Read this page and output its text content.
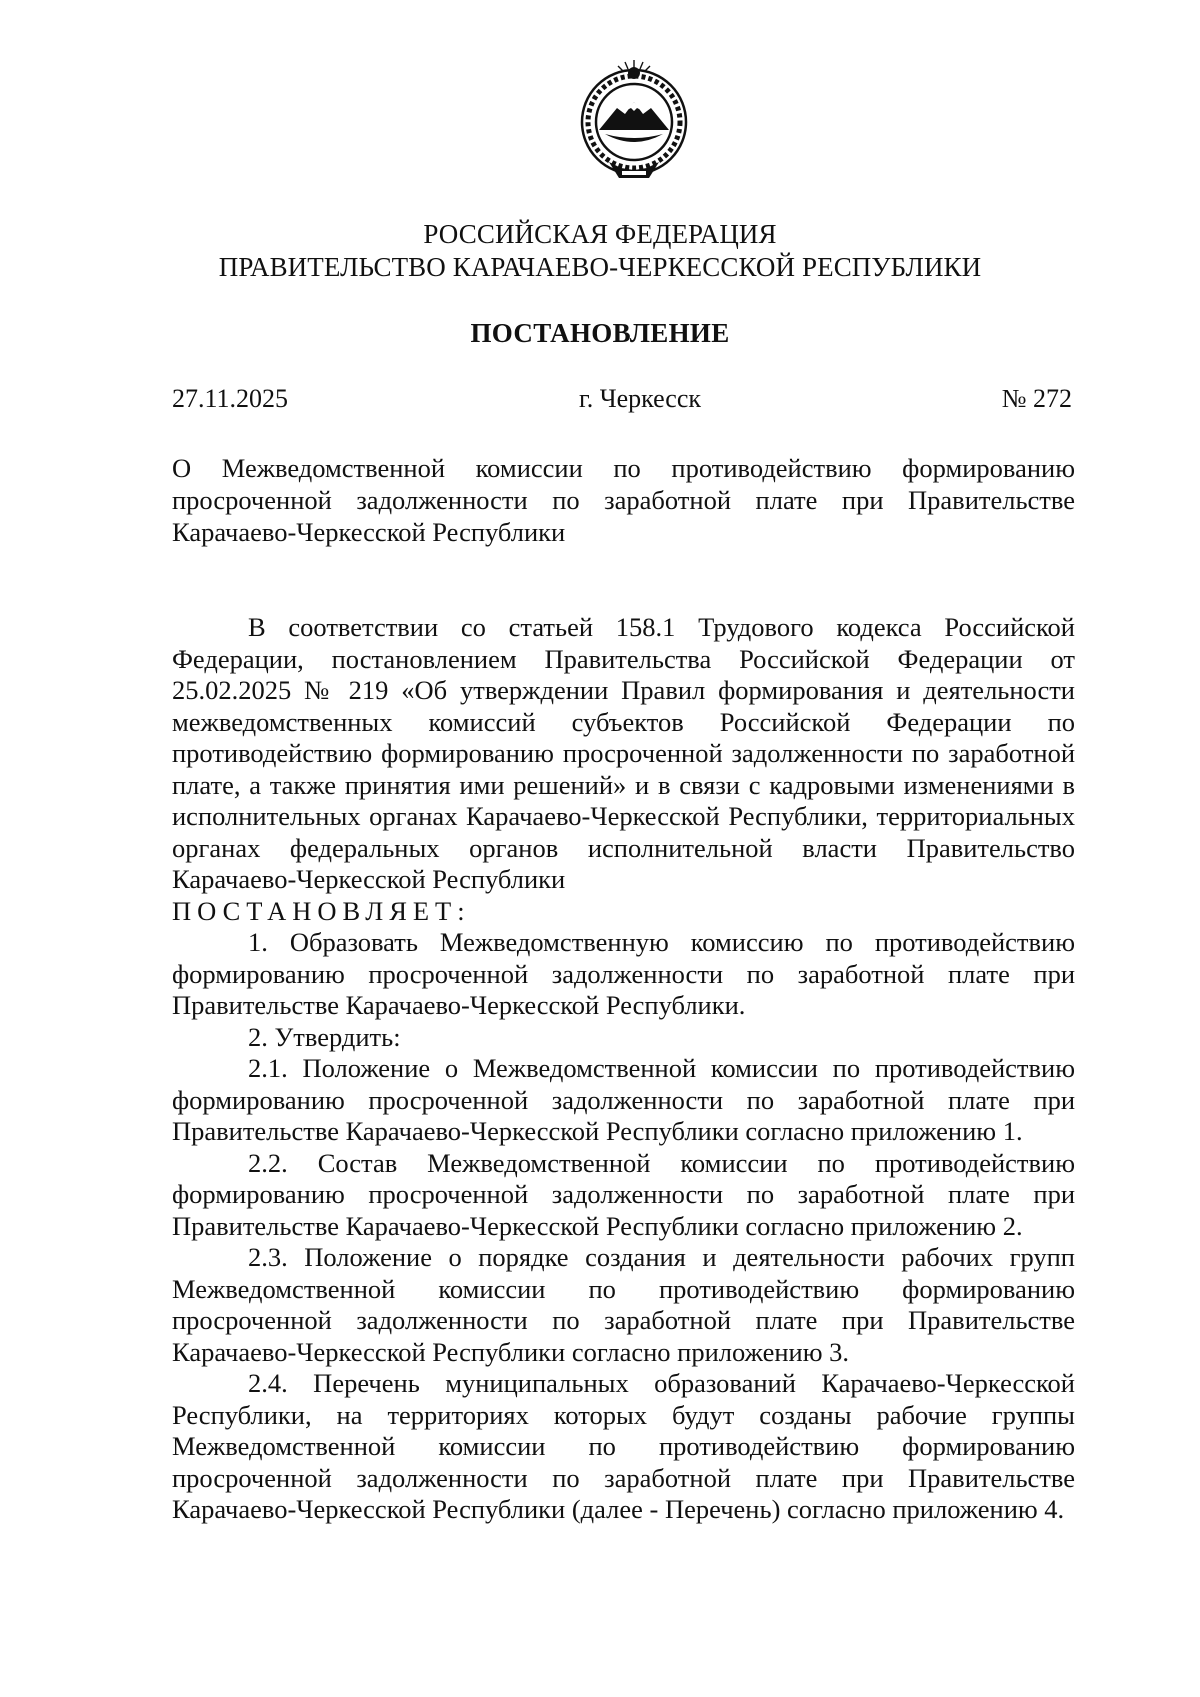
РОССИЙСКАЯ ФЕДЕРАЦИЯ
ПРАВИТЕЛЬСТВО КАРАЧАЕВО-ЧЕРКЕССКОЙ РЕСПУБЛИКИ
ПОСТАНОВЛЕНИЕ
27.11.2025	г. Черкесск	№ 272
О Межведомственной комиссии по противодействию формированию просроченной задолженности по заработной плате при Правительстве Карачаево-Черкесской Республики

В соответствии со статьей 158.1 Трудового кодекса Российской Федерации, постановлением Правительства Российской Федерации от 25.02.2025 № 219 «Об утверждении Правил формирования и деятельности межведомственных комиссий субъектов Российской Федерации по противодействию формированию просроченной задолженности по заработной плате, а также принятия ими решений» и в связи с кадровыми изменениями в исполнительных органах Карачаево-Черкесской Республики, территориальных органах федеральных органов исполнительной власти Правительство Карачаево-Черкесской Республики

ПОСТАНОВЛЯЕТ:

1. Образовать Межведомственную комиссию по противодействию формированию просроченной задолженности по заработной плате при Правительстве Карачаево-Черкесской Республики.

2. Утвердить:

2.1. Положение о Межведомственной комиссии по противодействию формированию просроченной задолженности по заработной плате при Правительстве Карачаево-Черкесской Республики согласно приложению 1.

2.2. Состав Межведомственной комиссии по противодействию формированию просроченной задолженности по заработной плате при Правительстве Карачаево-Черкесской Республики согласно приложению 2.

2.3. Положение о порядке создания и деятельности рабочих групп Межведомственной комиссии по противодействию формированию просроченной задолженности по заработной плате при Правительстве Карачаево-Черкесской Республики согласно приложению 3.

2.4. Перечень муниципальных образований Карачаево-Черкесской Республики, на территориях которых будут созданы рабочие группы Межведомственной комиссии по противодействию формированию просроченной задолженности по заработной плате при Правительстве Карачаево-Черкесской Республики (далее - Перечень) согласно приложению 4.
